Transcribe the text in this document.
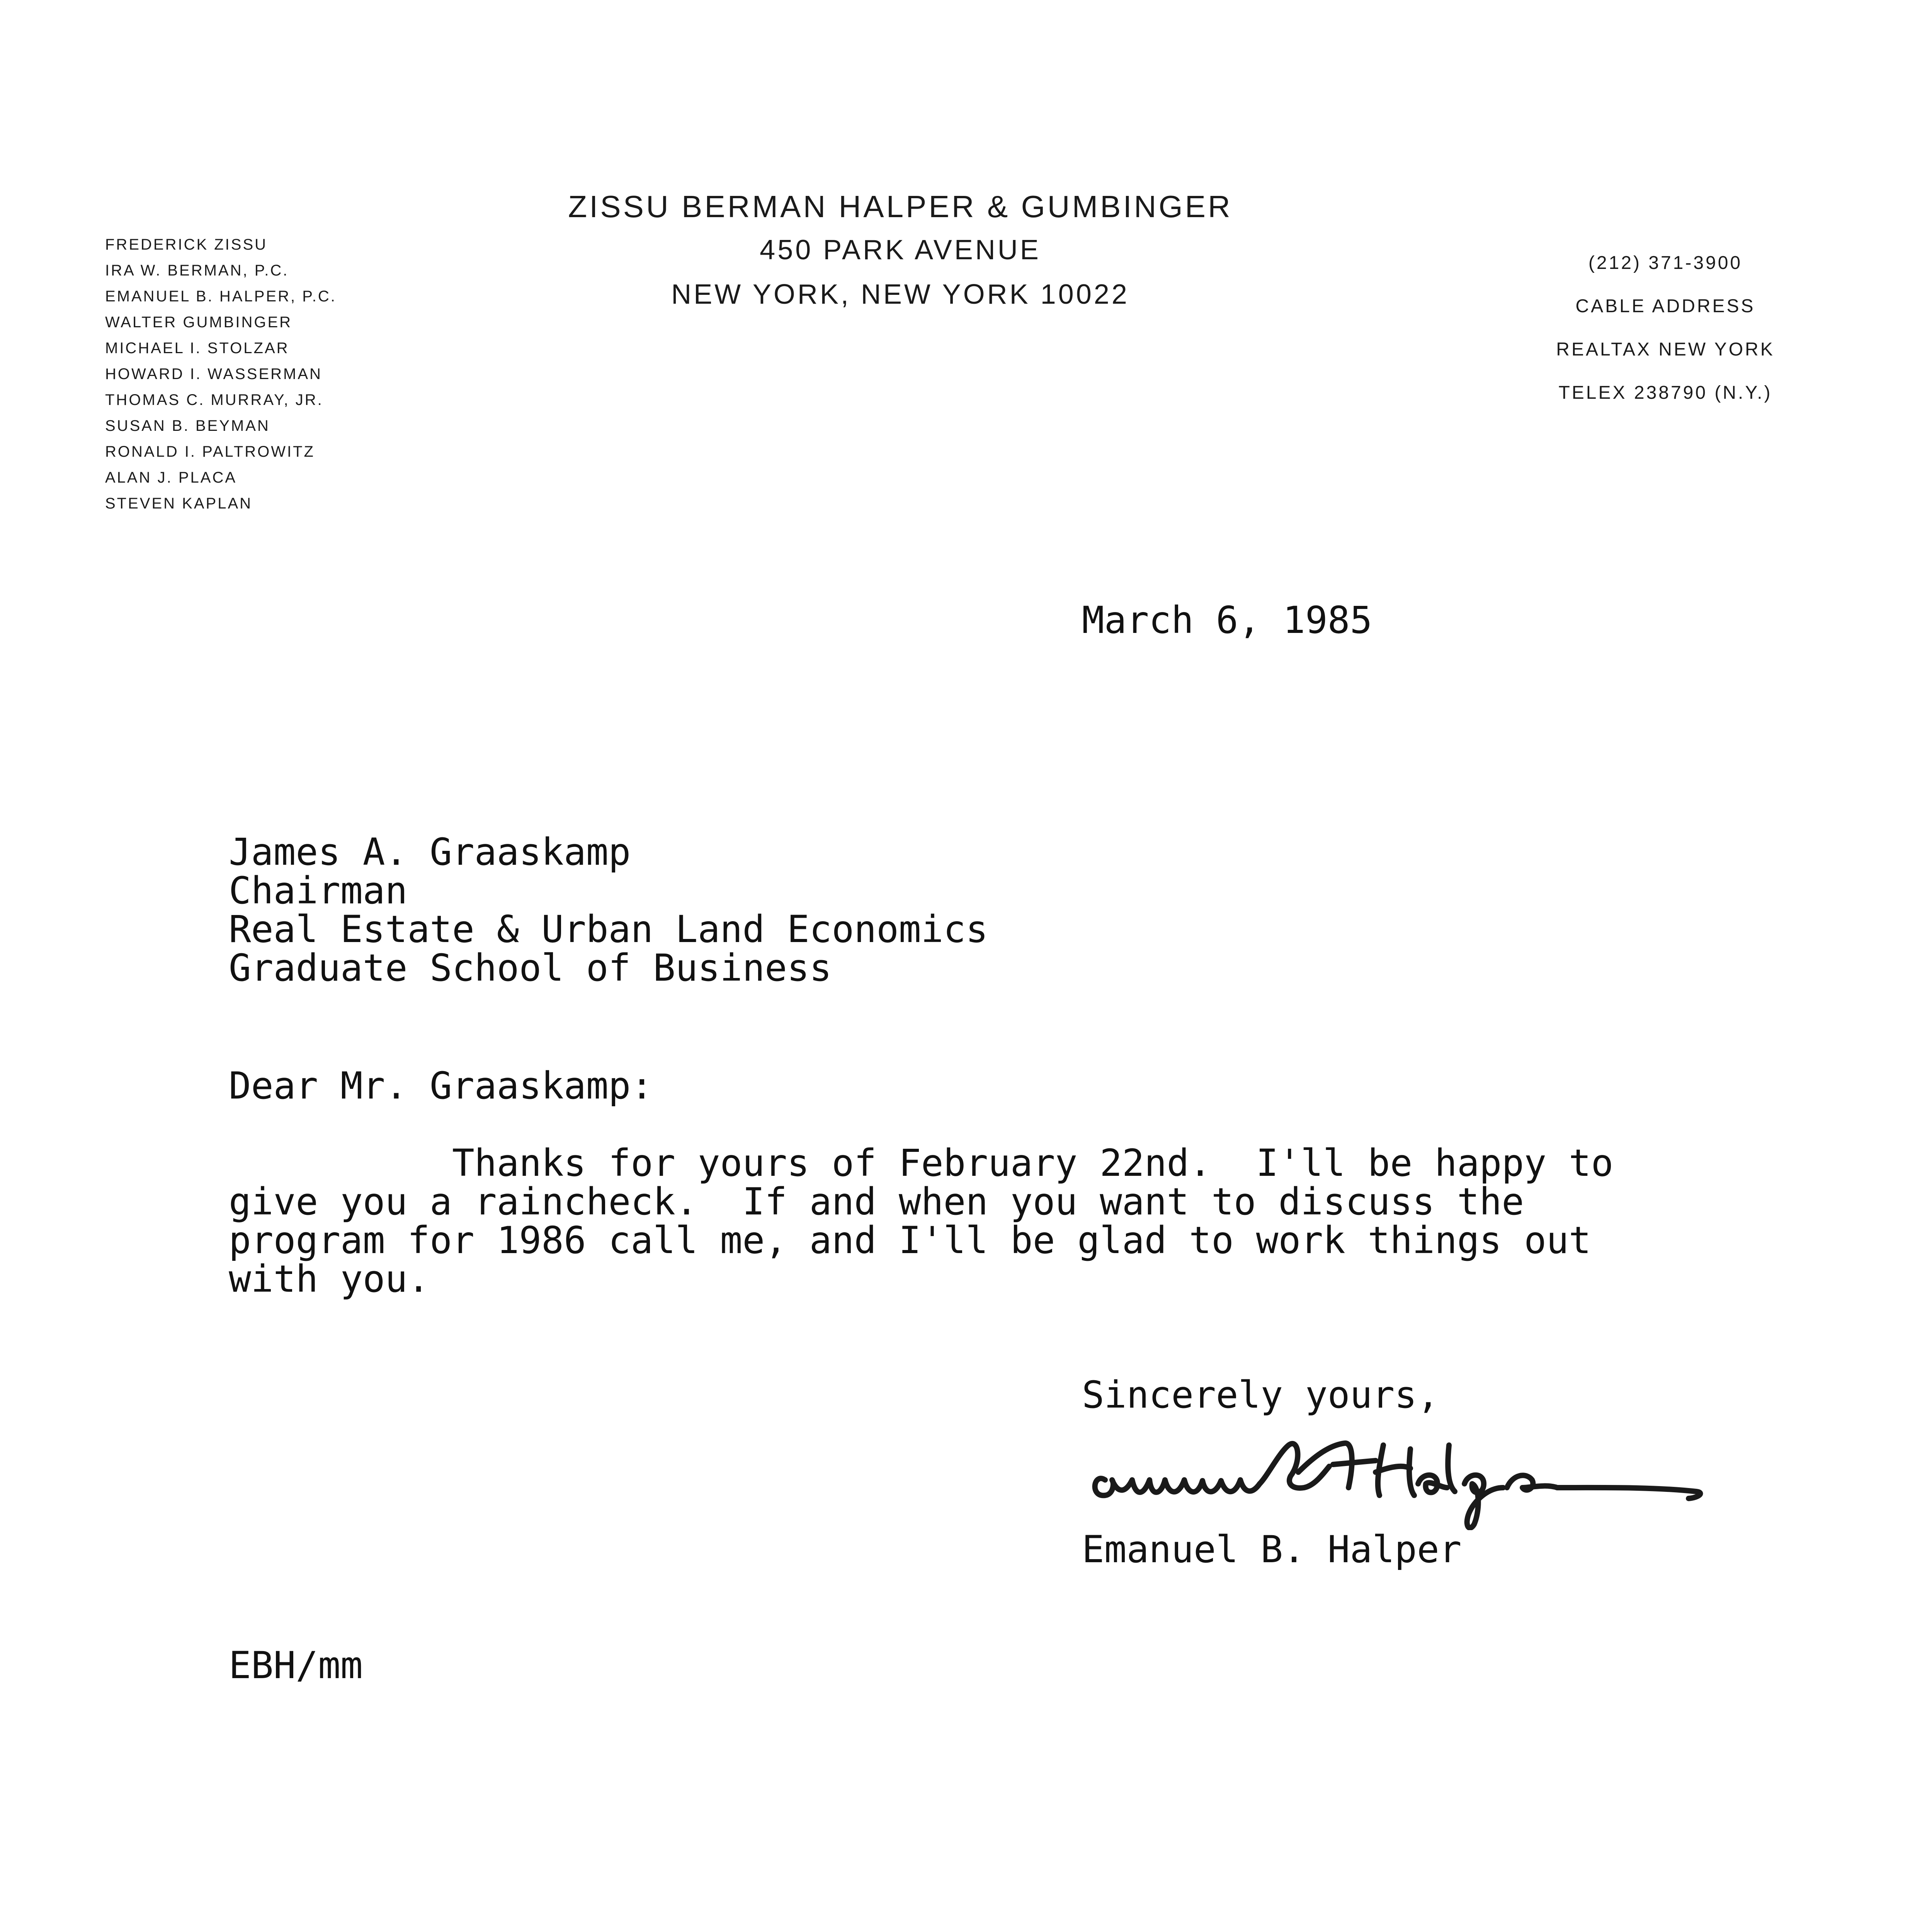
ZISSU BERMAN HALPER & GUMBINGER
450 PARK AVENUE
NEW YORK, NEW YORK 10022
FREDERICK ZISSU
IRA W. BERMAN, P.C.
EMANUEL B. HALPER, P.C.
WALTER GUMBINGER
MICHAEL I. STOLZAR
HOWARD I. WASSERMAN
THOMAS C. MURRAY, JR.
SUSAN B. BEYMAN
RONALD I. PALTROWITZ
ALAN J. PLACA
STEVEN KAPLAN
(212) 371-3900
CABLE ADDRESS
REALTAX NEW YORK
TELEX 238790 (N.Y.)
March 6, 1985
James A. Graaskamp
Chairman
Real Estate & Urban Land Economics
Graduate School of Business
Dear Mr. Graaskamp:
Thanks for yours of February 22nd.  I'll be happy to
give you a raincheck.  If and when you want to discuss the
program for 1986 call me, and I'll be glad to work things out
with you.
Sincerely yours,
Emanuel B. Halper
EBH/mm
